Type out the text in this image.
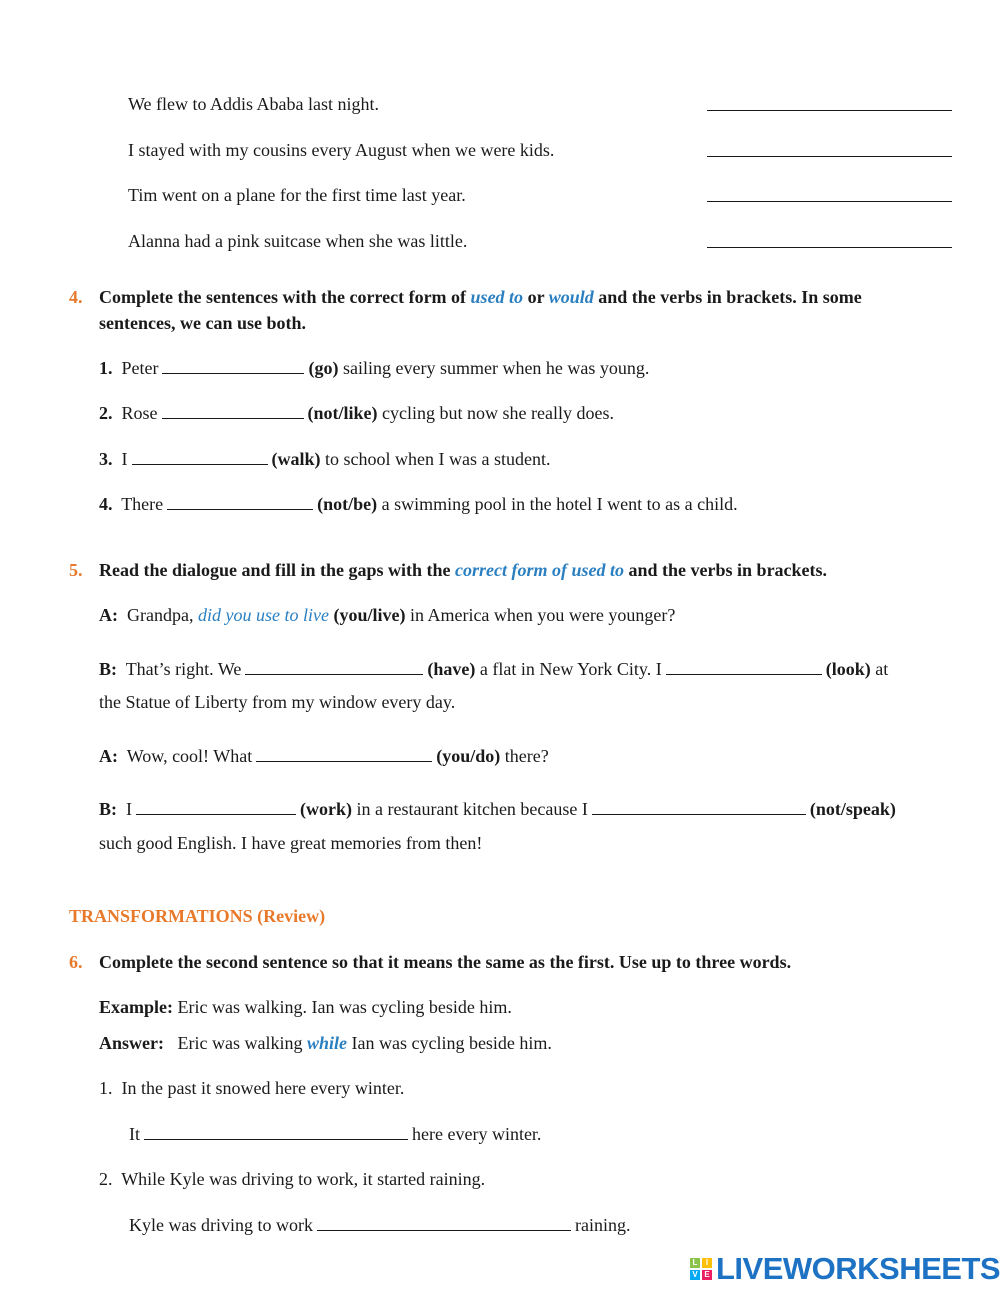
We flew to Addis Ababa last night.
I stayed with my cousins every August when we were kids.
Tim went on a plane for the first time last year.
Alanna had a pink suitcase when she was little.
4. Complete the sentences with the correct form of used to or would and the verbs in brackets. In some
sentences, we can use both.
1. Peter	(go) sailing every summer when he was young.
2. Rose	(not/like) cycling but now she really does.
3. I	(walk) to school when I was a student.
4. There	(not/be) a swimming pool in the hotel I went to as a child.
5. Read the dialogue and fill in the gaps with the correct form of used to and the verbs in brackets.
A: Grandpa, did you use to live (you/live) in America when you were younger?
B: That’s right. We	(have) a flat in New York City. I	(look) at
the Statue of Liberty from my window every day.
A: Wow, cool! What	(you/do) there?
B: I	(work) in a restaurant kitchen because I	(not/speak)
such good English. I have great memories from then!
TRANSFORMATIONS (Review)
6. Complete the second sentence so that it means the same as the first. Use up to three words.
Example: Eric was walking. Ian was cycling beside him.
Answer: Eric was walking while Ian was cycling beside him.
1. In the past it snowed here every winter.
It	here every winter.
2. While Kyle was driving to work, it started raining.
Kyle was driving to work	raining.
L	I
V E LIVEWORKSHEETS
